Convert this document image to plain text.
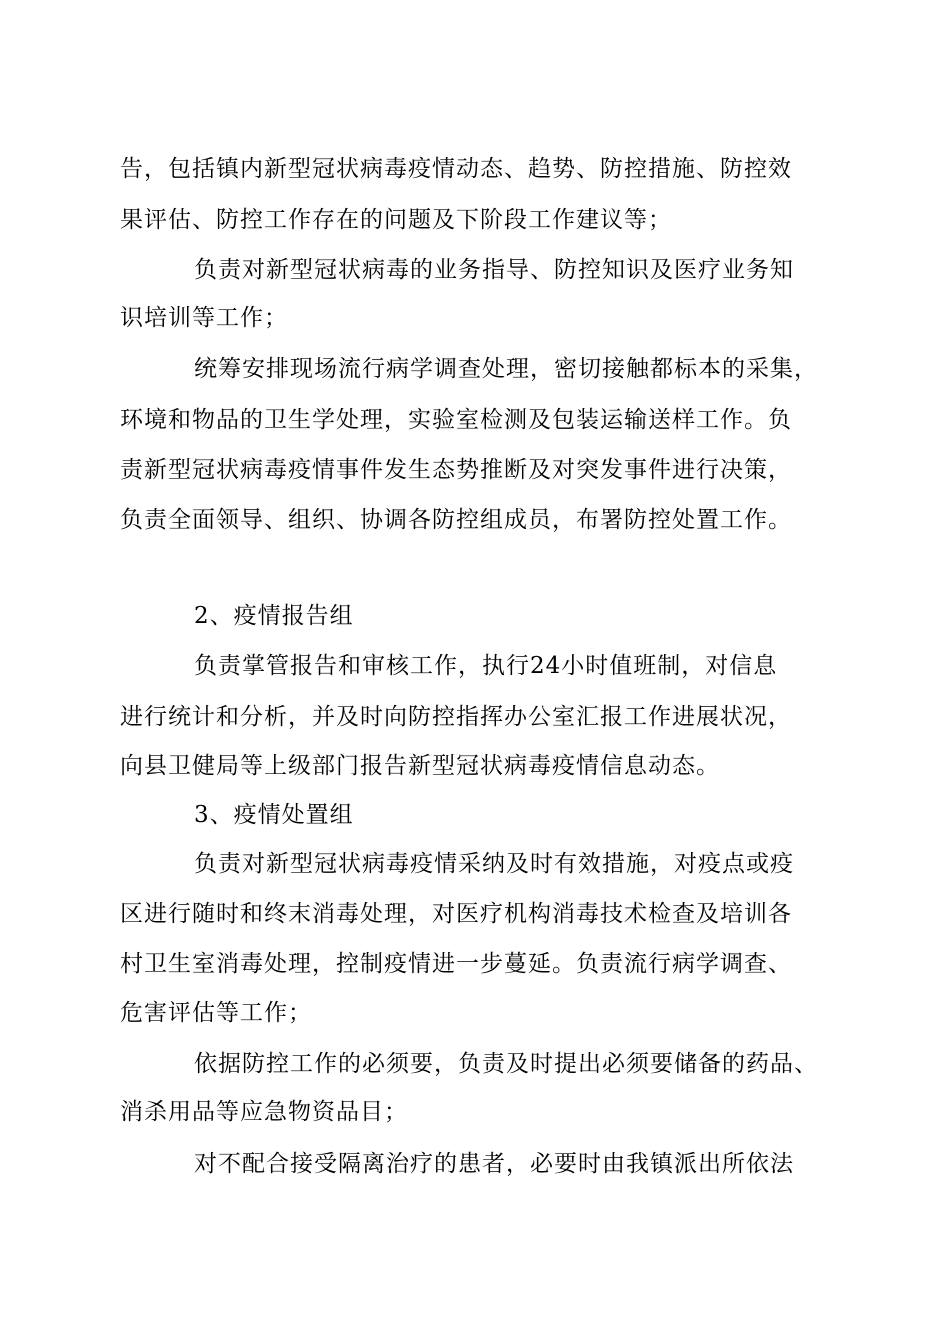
告，包括镇内新型冠状病毒疫情动态、趋势、防控措施、防控效
果评估、防控工作存在的问题及下阶段工作建议等；
负责对新型冠状病毒的业务指导、防控知识及医疗业务知
识培训等工作；
统筹安排现场流行病学调查处理，密切接触都标本的采集，
环境和物品的卫生学处理，实验室检测及包装运输送样工作。负
责新型冠状病毒疫情事件发生态势推断及对突发事件进行决策，
负责全面领导、组织、协调各防控组成员，布署防控处置工作。
2、疫情报告组
负责掌管报告和审核工作，执行24小时值班制，对信息
进行统计和分析，并及时向防控指挥办公室汇报工作进展状况，
向县卫健局等上级部门报告新型冠状病毒疫情信息动态。
3、疫情处置组
负责对新型冠状病毒疫情采纳及时有效措施，对疫点或疫
区进行随时和终末消毒处理，对医疗机构消毒技术检查及培训各
村卫生室消毒处理，控制疫情进一步蔓延。负责流行病学调查、
危害评估等工作；
依据防控工作的必须要，负责及时提出必须要储备的药品、
消杀用品等应急物资品目；
对不配合接受隔离治疗的患者，必要时由我镇派出所依法
